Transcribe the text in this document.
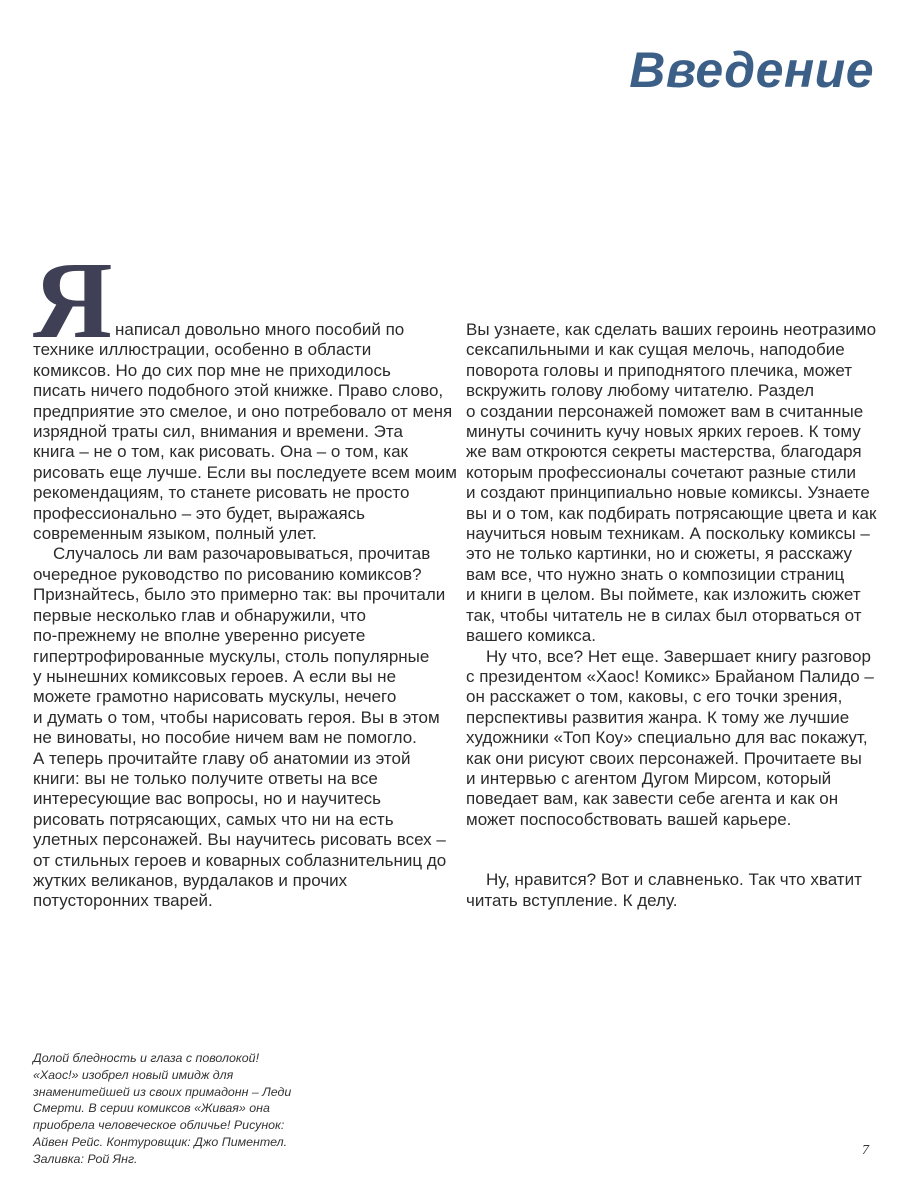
Введение
Я написал довольно много пособий по

технике иллюстрации, особенно в области

комиксов. Но до сих пор мне не приходилось

писать ничего подобного этой книжке. Право слово,

предприятие это смелое, и оно потребовало от меня

изрядной траты сил, внимания и времени. Эта

книга – не о том, как рисовать. Она – о том, как

рисовать еще лучше. Если вы последуете всем моим

рекомендациям, то станете рисовать не просто

профессионально – это будет, выражаясь

современным языком, полный улет.

Случалось ли вам разочаровываться, прочитав

очередное руководство по рисованию комиксов?

Признайтесь, было это примерно так: вы прочитали

первые несколько глав и обнаружили, что

по-прежнему не вполне уверенно рисуете

гипертрофированные мускулы, столь популярные

у нынешних комиксовых героев. А если вы не

можете грамотно нарисовать мускулы, нечего

и думать о том, чтобы нарисовать героя. Вы в этом

не виноваты, но пособие ничем вам не помогло.

А теперь прочитайте главу об анатомии из этой

книги: вы не только получите ответы на все

интересующие вас вопросы, но и научитесь

рисовать потрясающих, самых что ни на есть

улетных персонажей. Вы научитесь рисовать всех –

от стильных героев и коварных соблазнительниц до

жутких великанов, вурдалаков и прочих

потусторонних тварей.

Вы узнаете, как сделать ваших героинь неотразимо

сексапильными и как сущая мелочь, наподобие

поворота головы и приподнятого плечика, может

вскружить голову любому читателю. Раздел

о создании персонажей поможет вам в считанные

минуты сочинить кучу новых ярких героев. К тому

же вам откроются секреты мастерства, благодаря

которым профессионалы сочетают разные стили

и создают принципиально новые комиксы. Узнаете

вы и о том, как подбирать потрясающие цвета и как

научиться новым техникам. А поскольку комиксы –

это не только картинки, но и сюжеты, я расскажу

вам все, что нужно знать о композиции страниц

и книги в целом. Вы поймете, как изложить сюжет

так, чтобы читатель не в силах был оторваться от

вашего комикса.

Ну что, все? Нет еще. Завершает книгу разговор

с президентом «Хаос! Комикс» Брайаном Палидо –

он расскажет о том, каковы, с его точки зрения,

перспективы развития жанра. К тому же лучшие

художники «Топ Коу» специально для вас покажут,

как они рисуют своих персонажей. Прочитаете вы

и интервью с агентом Дугом Мирсом, который

поведает вам, как завести себе агента и как он

может поспособствовать вашей карьере.

Ну, нравится? Вот и славненько. Так что хватит

читать вступление. К делу.

Долой бледность и глаза с поволокой!

«Хаос!» изобрел новый имидж для

знаменитейшей из своих примадонн – Леди

Смерти. В серии комиксов «Живая» она

приобрела человеческое обличье! Рисунок:

Айвен Рейс. Контуровщик: Джо Пиментел.

Заливка: Рой Янг.

7
